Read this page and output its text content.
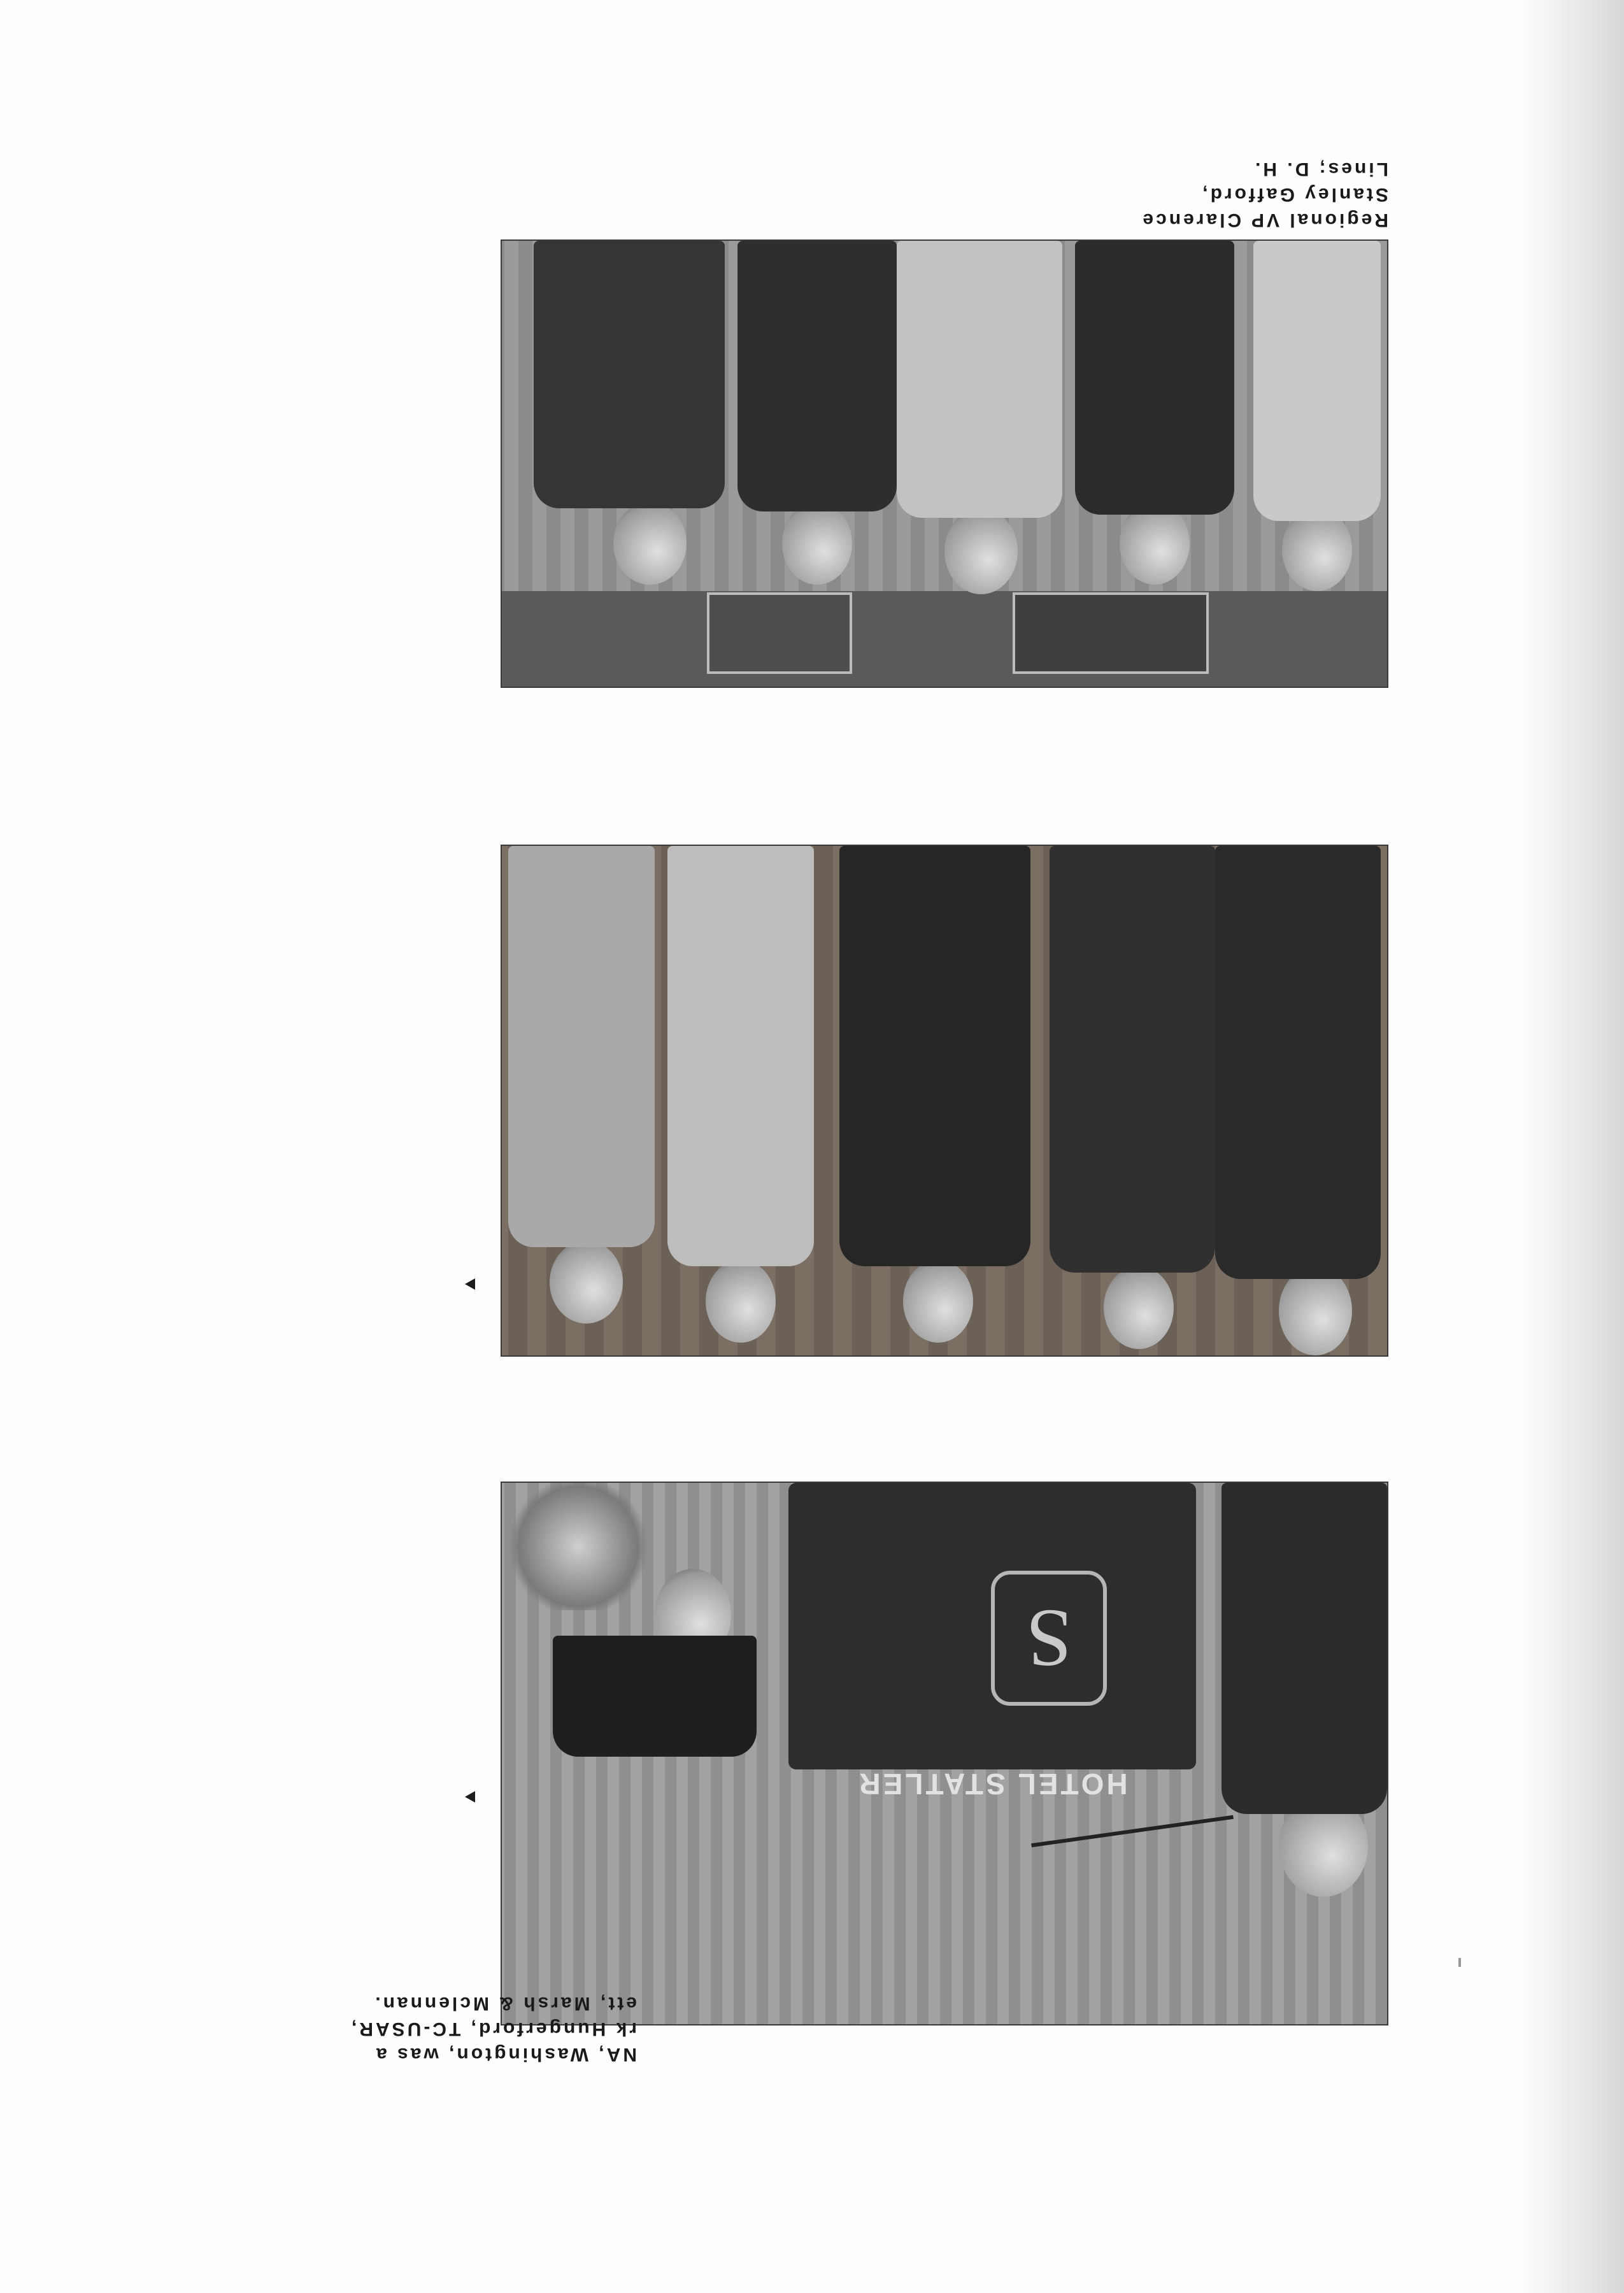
Regional VP Clarence
Stanley Gafford,
Lines; D. H.
S
HOTEL STATLER
NA, Washington, was a
rk Hungerford, TC-USAR,
ett, Marsh & Mclennan.
